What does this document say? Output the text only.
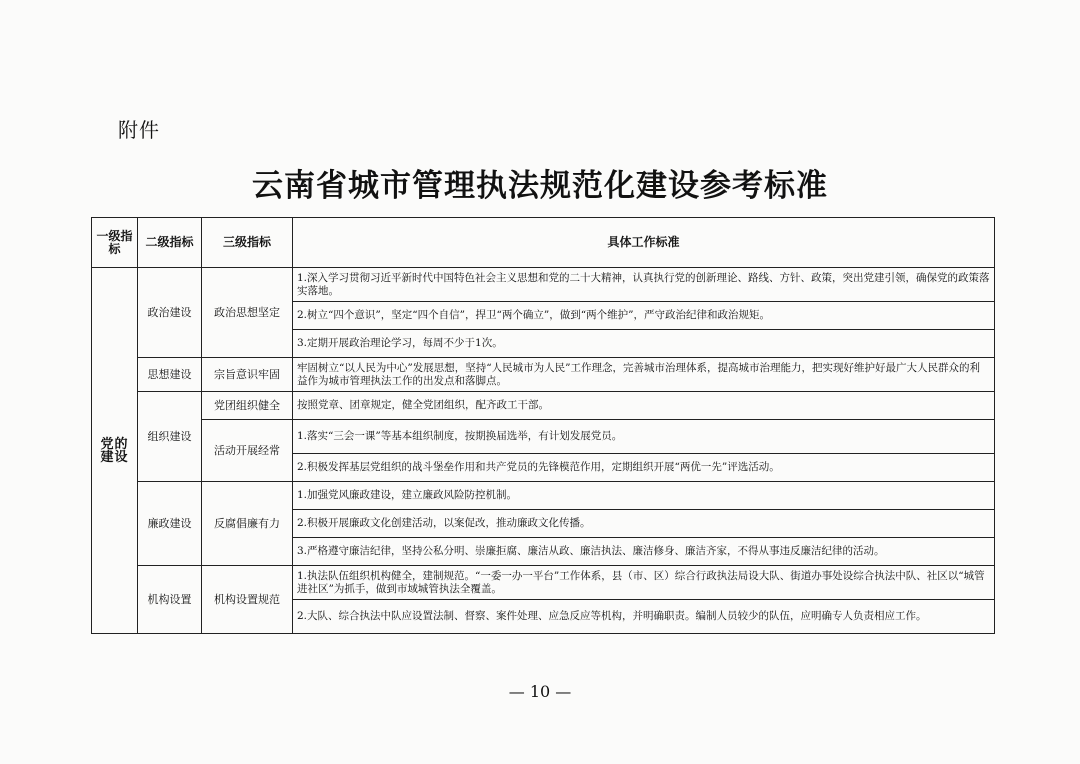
附件
云南省城市管理执法规范化建设参考标准
一级指标	二级指标	三级指标	具体工作标准
党的建设	政治建设	政治思想坚定	1.深入学习贯彻习近平新时代中国特色社会主义思想和党的二十大精神，认真执行党的创新理论、路线、方针、政策，突出党建引领，确保党的政策落实落地。
			2.树立“四个意识”，坚定“四个自信”，捍卫“两个确立”，做到“两个维护”，严守政治纪律和政治规矩。
			3.定期开展政治理论学习，每周不少于1次。
	思想建设	宗旨意识牢固	牢固树立“以人民为中心”发展思想，坚持“人民城市为人民”工作理念，完善城市治理体系，提高城市治理能力，把实现好维护好最广大人民群众的利益作为城市管理执法工作的出发点和落脚点。
	组织建设	党团组织健全	按照党章、团章规定，健全党团组织，配齐政工干部。
		活动开展经常	1.落实“三会一课”等基本组织制度，按期换届选举，有计划发展党员。
			2.积极发挥基层党组织的战斗堡垒作用和共产党员的先锋模范作用，定期组织开展“两优一先”评选活动。
	廉政建设	反腐倡廉有力	1.加强党风廉政建设，建立廉政风险防控机制。
			2.积极开展廉政文化创建活动，以案促改，推动廉政文化传播。
			3.严格遵守廉洁纪律，坚持公私分明、崇廉拒腐、廉洁从政、廉洁执法、廉洁修身、廉洁齐家，不得从事违反廉洁纪律的活动。
	机构设置	机构设置规范	1.执法队伍组织机构健全，建制规范。“一委一办一平台”工作体系，县（市、区）综合行政执法局设大队、街道办事处设综合执法中队、社区以“城管进社区”为抓手，做到市域城管执法全覆盖。
			2.大队、综合执法中队应设置法制、督察、案件处理、应急反应等机构，并明确职责。编制人员较少的队伍，应明确专人负责相应工作。
— 10 —
